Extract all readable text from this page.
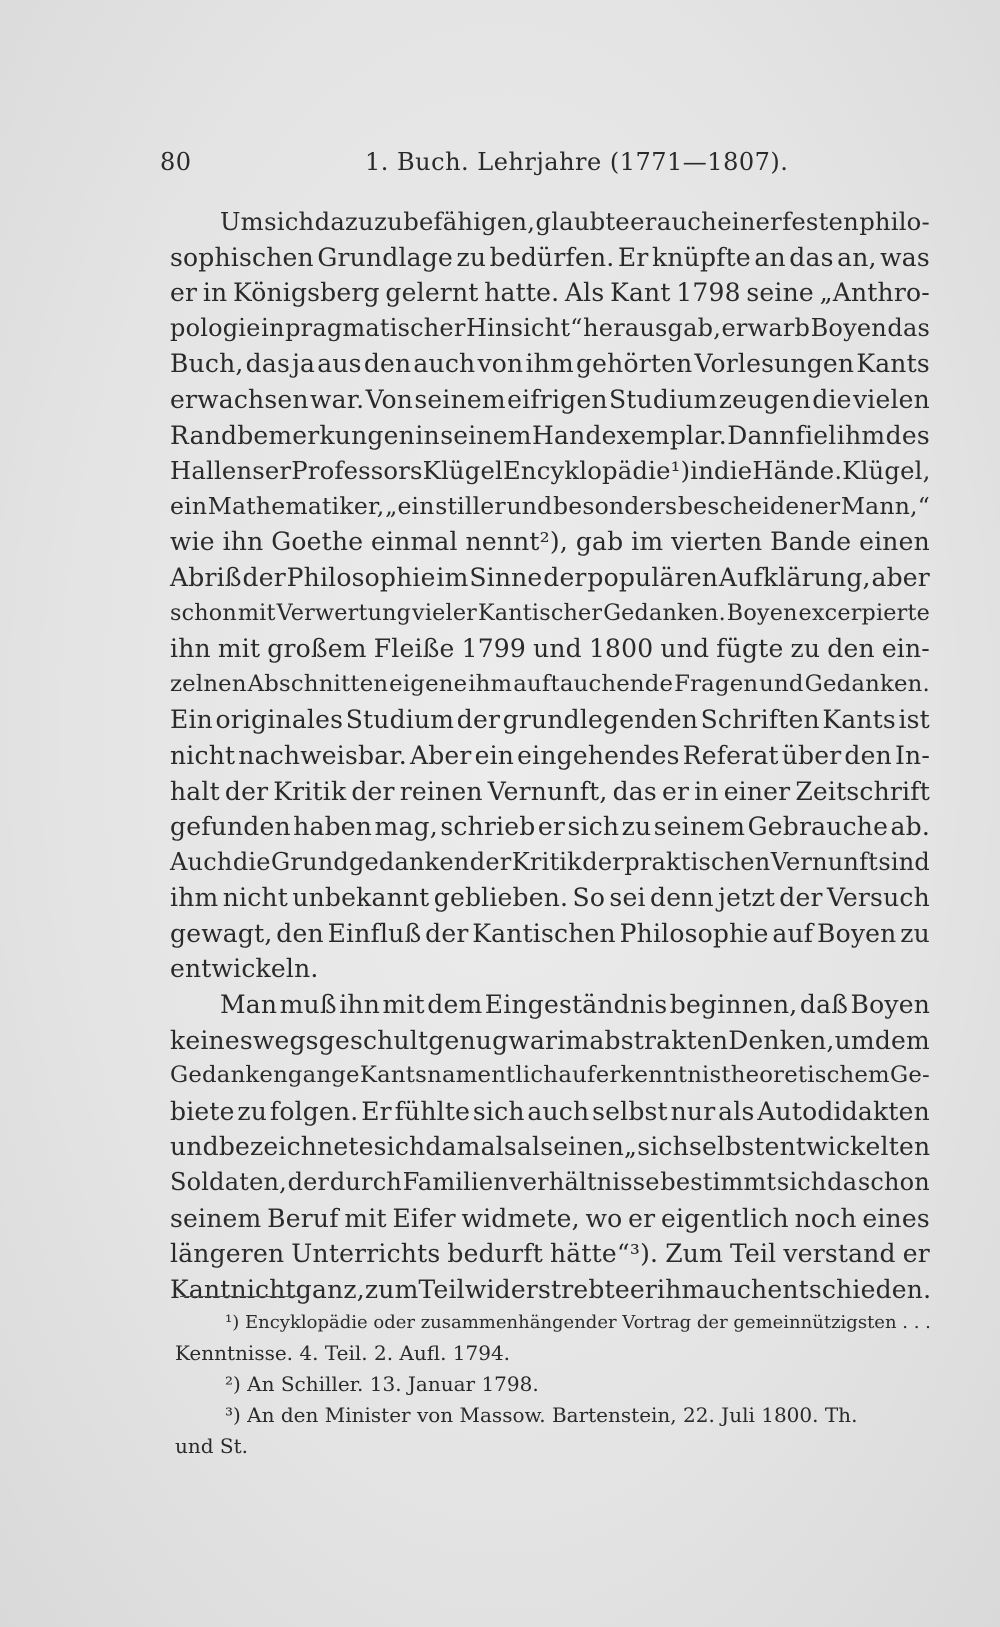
80	1. Buch. Lehrjahre (1771—1807).
Um sich dazu zu befähigen, glaubte er auch einer festen philo-
sophischen Grundlage zu bedürfen. Er knüpfte an das an, was
er in Königsberg gelernt hatte. Als Kant 1798 seine „Anthro-
pologie in pragmatischer Hinsicht“ herausgab, erwarb Boyen das
Buch, das ja aus den auch von ihm gehörten Vorlesungen Kants
erwachsen war. Von seinem eifrigen Studium zeugen die vielen
Randbemerkungen in seinem Handexemplar. Dann fiel ihm des
Hallenser Professors Klügel Encyklopädie¹) in die Hände. Klügel,
ein Mathematiker, „ein stiller und besonders bescheidener Mann,“
wie ihn Goethe einmal nennt²), gab im vierten Bande einen
Abriß der Philosophie im Sinne der populären Aufklärung, aber
schon mit Verwertung vieler Kantischer Gedanken. Boyen excerpierte
ihn mit großem Fleiße 1799 und 1800 und fügte zu den ein-
zelnen Abschnitten eigene ihm auftauchende Fragen und Gedanken.
Ein originales Studium der grundlegenden Schriften Kants ist
nicht nachweisbar. Aber ein eingehendes Referat über den In-
halt der Kritik der reinen Vernunft, das er in einer Zeitschrift
gefunden haben mag, schrieb er sich zu seinem Gebrauche ab.
Auch die Grundgedanken der Kritik der praktischen Vernunft sind
ihm nicht unbekannt geblieben. So sei denn jetzt der Versuch
gewagt, den Einfluß der Kantischen Philosophie auf Boyen zu
entwickeln.
Man muß ihn mit dem Eingeständnis beginnen, daß Boyen
keineswegs geschult genug war im abstrakten Denken, um dem
Gedankengange Kants namentlich auf erkenntnistheoretischem Ge-
biete zu folgen. Er fühlte sich auch selbst nur als Autodidakten
und bezeichnete sich damals als einen „sich selbst entwickelten
Soldaten, der durch Familienverhältnisse bestimmt sich da schon
seinem Beruf mit Eifer widmete, wo er eigentlich noch eines
längeren Unterrichts bedurft hätte“³). Zum Teil verstand er
Kant nicht ganz, zum Teil widerstrebte er ihm auch entschieden.
¹) Encyklopädie oder zusammenhängender Vortrag der gemeinnützigsten . . .
Kenntnisse. 4. Teil. 2. Aufl. 1794.
²) An Schiller. 13. Januar 1798.
³) An den Minister von Massow. Bartenstein, 22. Juli 1800. Th.
und St.
